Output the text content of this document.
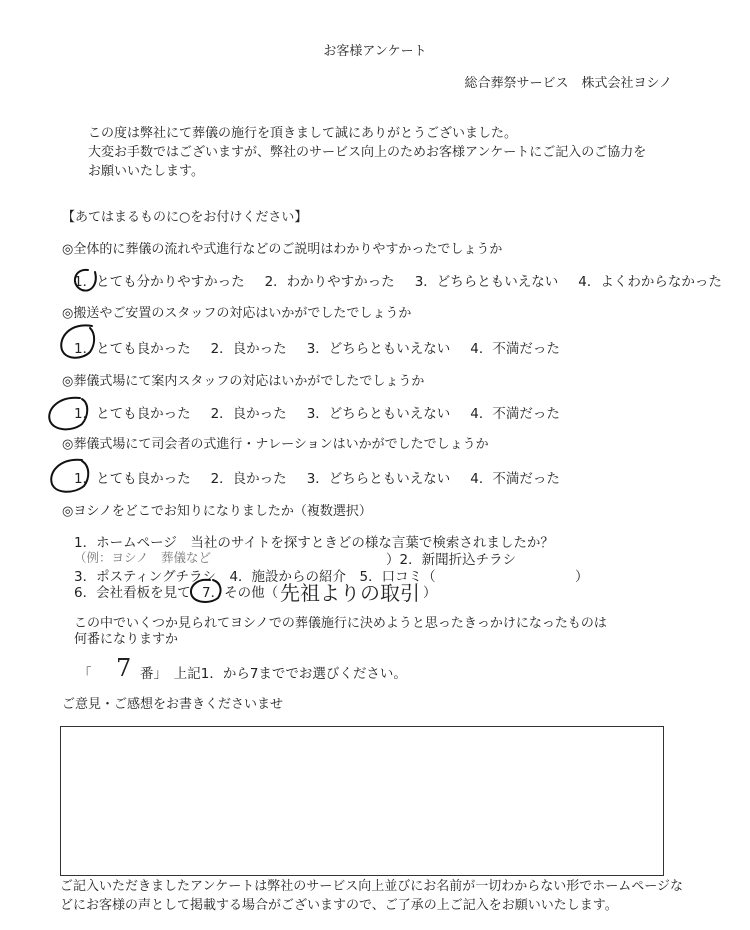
お客様アンケート
総合葬祭サービス　株式会社ヨシノ
この度は弊社にて葬儀の施行を頂きまして誠にありがとうございました。
大変お手数ではございますが、弊社のサービス向上のためお客様アンケートにご記入のご協力を
お願いいたします。
【あてはまるものに○をお付けください】
◎全体的に葬儀の流れや式進行などのご説明はわかりやすかったでしょうか
1．とても分かりやすかった 2．わかりやすかった 3．どちらともいえない 4．よくわからなかった
◎搬送やご安置のスタッフの対応はいかがでしたでしょうか
1．とても良かった 2．良かった 3．どちらともいえない 4．不満だった
◎葬儀式場にて案内スタッフの対応はいかがでしたでしょうか
1．とても良かった 2．良かった 3．どちらともいえない 4．不満だった
◎葬儀式場にて司会者の式進行・ナレーションはいかがでしたでしょうか
1．とても良かった 2．良かった 3．どちらともいえない 4．不満だった
◎ヨシノをどこでお知りになりましたか（複数選択）
1．ホームページ　当社のサイトを探すときどの様な言葉で検索されましたか？
（例：ヨシノ　葬儀など	）2．新聞折込チラシ
3．ポスティングチラシ　4．施設からの紹介　5．口コミ（	）
6．会社看板を見て 7．その他（ 先祖よりの取引 ）
この中でいくつか見られてヨシノでの葬儀施行に決めようと思ったきっかけになったものは
何番になりますか
「 7 番」　上記1．から7まででお選びください。
ご意見・ご感想をお書きくださいませ
ご記入いただきましたアンケートは弊社のサービス向上並びにお名前が一切わからない形でホームページな
どにお客様の声として掲載する場合がございますので、ご了承の上ご記入をお願いいたします。
